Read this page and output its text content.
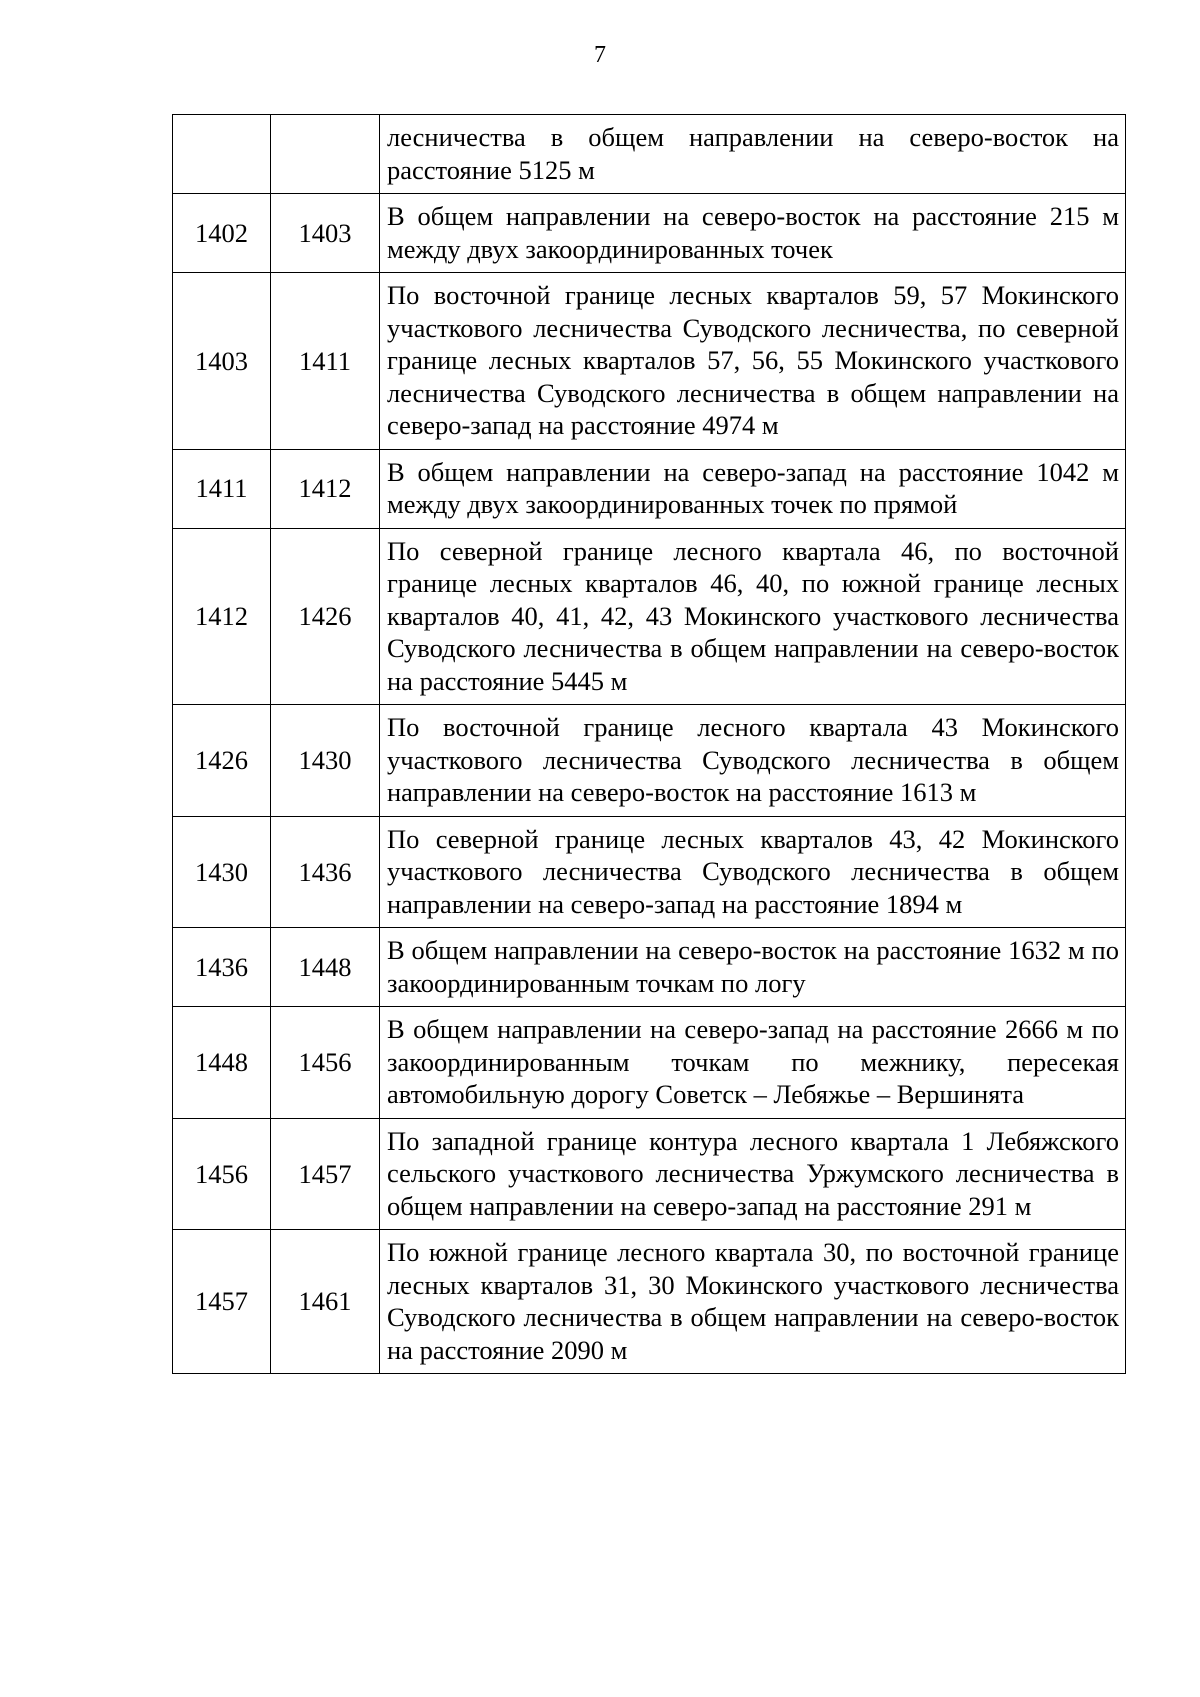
7
		лесничества в общем направлении на северо-восток на расстояние 5125 м
1402	1403	В общем направлении на северо-восток на расстояние 215 м между двух закоординированных точек
1403	1411	По восточной границе лесных кварталов 59, 57 Мокинского участкового лесничества Суводского лесничества, по северной границе лесных кварталов 57, 56, 55 Мокинского участкового лесничества Суводского лесничества в общем направлении на северо-запад на расстояние 4974 м
1411	1412	В общем направлении на северо-запад на расстояние 1042 м между двух закоординированных точек по прямой
1412	1426	По северной границе лесного квартала 46, по восточной границе лесных кварталов 46, 40, по южной границе лесных кварталов 40, 41, 42, 43 Мокинского участкового лесничества Суводского лесничества в общем направлении на северо-восток на расстояние 5445 м
1426	1430	По восточной границе лесного квартала 43 Мокинского участкового лесничества Суводского лесничества в общем направлении на северо-восток на расстояние 1613 м
1430	1436	По северной границе лесных кварталов 43, 42 Мокинского участкового лесничества Суводского лесничества в общем направлении на северо-запад на расстояние 1894 м
1436	1448	В общем направлении на северо-восток на расстояние 1632 м по закоординированным точкам по логу
1448	1456	В общем направлении на северо-запад на расстояние 2666 м по закоординированным точкам по межнику, пересекая автомобильную дорогу Советск – Лебяжье – Вершинята
1456	1457	По западной границе контура лесного квартала 1 Лебяжского сельского участкового лесничества Уржумского лесничества в общем направлении на северо-запад на расстояние 291 м
1457	1461	По южной границе лесного квартала 30, по восточной границе лесных кварталов 31, 30 Мокинского участкового лесничества Суводского лесничества в общем направлении на северо-восток на расстояние 2090 м
